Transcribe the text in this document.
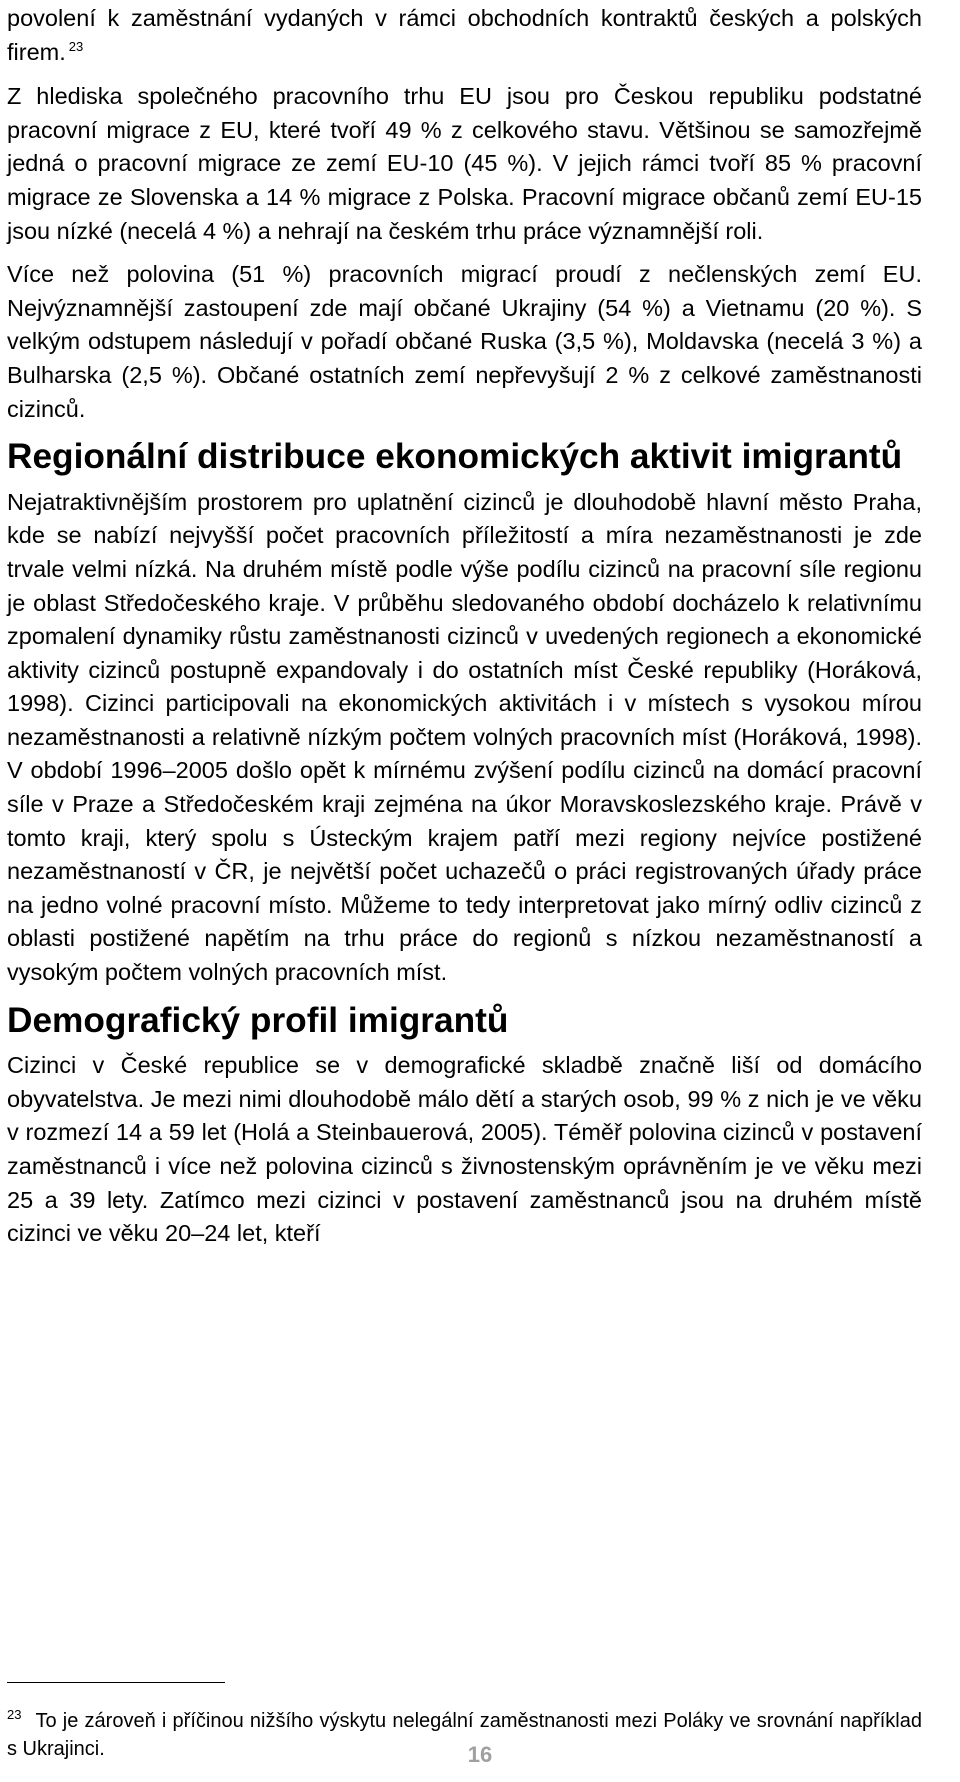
povolení k zaměstnání vydaných v rámci obchodních kontraktů českých a polských firem. $^{23}$

Z hlediska společného pracovního trhu EU jsou pro Českou republiku podstatné pracovní migrace z EU, které tvoří 49 % z celkového stavu. Většinou se samozřejmě jedná o pracovní migrace ze zemí EU-10 (45 %). V jejich rámci tvoří 85 % pracovní migrace ze Slovenska a 14 % migrace z Polska. Pracovní migrace občanů zemí EU-15 jsou nízké (necelá 4 %) a nehrají na českém trhu práce významnější roli.

Více než polovina (51 %) pracovních migrací proudí z nečlenských zemí EU. Nejvýznamnější zastoupení zde mají občané Ukrajiny (54 %) a Vietnamu (20 %). S velkým odstupem následují v pořadí občané Ruska (3,5 %), Moldavska (necelá 3 %) a Bulharska (2,5 %). Občané ostatních zemí nepřevyšují 2 % z celkové zaměstnanosti cizinců.

Regionální distribuce ekonomických aktivit imigrantů

Nejatraktivnějším prostorem pro uplatnění cizinců je dlouhodobě hlavní město Praha, kde se nabízí nejvyšší počet pracovních příležitostí a míra nezaměstnanosti je zde trvale velmi nízká. Na druhém místě podle výše podílu cizinců na pracovní síle regionu je oblast Středočeského kraje. V průběhu sledovaného období docházelo k relativnímu zpomalení dynamiky růstu zaměstnanosti cizinců v uvedených regionech a ekonomické aktivity cizinců postupně expandovaly i do ostatních míst České republiky (Horáková, 1998). Cizinci participovali na ekonomických aktivitách i v místech s vysokou mírou nezaměstnanosti a relativně nízkým počtem volných pracovních míst (Horáková, 1998). V období 1996–2005 došlo opět k mírnému zvýšení podílu cizinců na domácí pracovní síle v Praze a Středočeském kraji zejména na úkor Moravskoslezského kraje. Právě v tomto kraji, který spolu s Ústeckým krajem patří mezi regiony nejvíce postižené nezaměstnaností v ČR, je největší počet uchazečů o práci registrovaných úřady práce na jedno volné pracovní místo. Můžeme to tedy interpretovat jako mírný odliv cizinců z oblasti postižené napětím na trhu práce do regionů s nízkou nezaměstnaností a vysokým počtem volných pracovních míst.

Demografický profil imigrantů

Cizinci v České republice se v demografické skladbě značně liší od domácího obyvatelstva. Je mezi nimi dlouhodobě málo dětí a starých osob, 99 % z nich je ve věku v rozmezí 14 a 59 let (Holá a Steinbauerová, 2005). Téměř polovina cizinců v postavení zaměstnanců i více než polovina cizinců s živnostenským oprávněním je ve věku mezi 25 a 39 lety. Zatímco mezi cizinci v postavení zaměstnanců jsou na druhém místě cizinci ve věku 20–24 let, kteří

$^{23}$ To je zároveň i příčinou nižšího výskytu nelegální zaměstnanosti mezi Poláky ve srovnání například s Ukrajinci.	16
